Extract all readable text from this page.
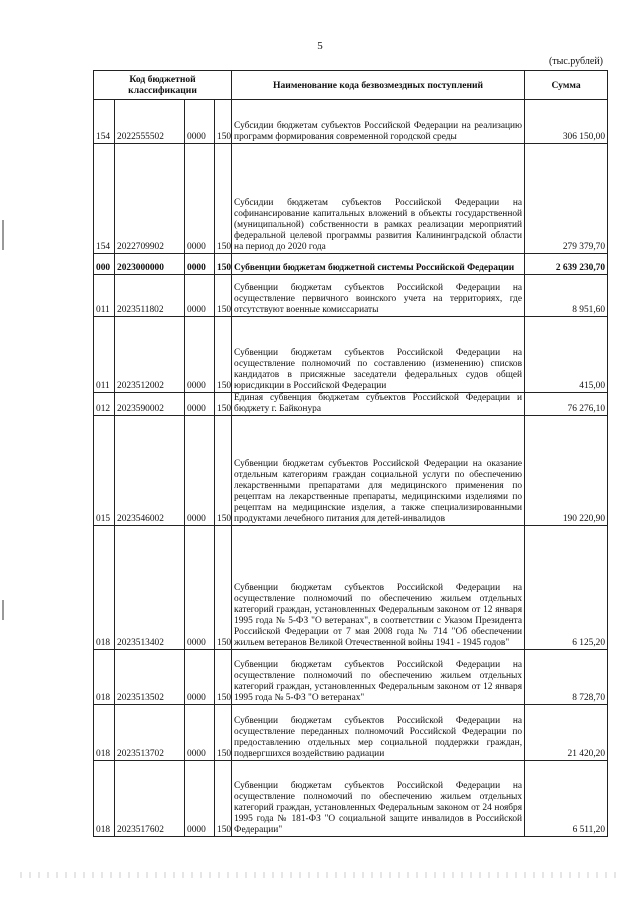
5
(тыс.рублей)
Код бюджетной классификации				Наименование кода безвозмездных поступлений	Сумма
154	2022555502	0000	150	Субсидии бюджетам субъектов Российской Федерации на реализацию программ формирования современной городской среды	306 150,00
154	2022709902	0000	150	Субсидии бюджетам субъектов Российской Федерации на софинансирование капитальных вложений в объекты государственной (муниципальной) собственности в рамках реализации мероприятий федеральной целевой программы развития Калининградской области на период до 2020 года	279 379,70
000	2023000000	0000	150	Субвенции бюджетам бюджетной системы Российской Федерации	2 639 230,70
011	2023511802	0000	150	Субвенции бюджетам субъектов Российской Федерации на осуществление первичного воинского учета на территориях, где отсутствуют военные комиссариаты	8 951,60
011	2023512002	0000	150	Субвенции бюджетам субъектов Российской Федерации на осуществление полномочий по составлению (изменению) списков кандидатов в присяжные заседатели федеральных судов общей юрисдикции в Российской Федерации	415,00
012	2023590002	0000	150	Единая субвенция бюджетам субъектов Российской Федерации и бюджету г. Байконура	76 276,10
015	2023546002	0000	150	Субвенции бюджетам субъектов Российской Федерации на оказание отдельным категориям граждан социальной услуги по обеспечению лекарственными препаратами для медицинского применения по рецептам на лекарственные препараты, медицинскими изделиями по рецептам на медицинские изделия, а также специализированными продуктами лечебного питания для детей-инвалидов	190 220,90
018	2023513402	0000	150	Субвенции бюджетам субъектов Российской Федерации на осуществление полномочий по обеспечению жильем отдельных категорий граждан, установленных Федеральным законом от 12 января 1995 года № 5-ФЗ "О ветеранах", в соответствии с Указом Президента Российской Федерации от 7 мая 2008 года № 714 "Об обеспечении жильем ветеранов Великой Отечественной войны 1941 - 1945 годов"	6 125,20
018	2023513502	0000	150	Субвенции бюджетам субъектов Российской Федерации на осуществление полномочий по обеспечению жильем отдельных категорий граждан, установленных Федеральным законом от 12 января 1995 года № 5-ФЗ "О ветеранах"	8 728,70
018	2023513702	0000	150	Субвенции бюджетам субъектов Российской Федерации на осуществление переданных полномочий Российской Федерации по предоставлению отдельных мер социальной поддержки граждан, подвергшихся воздействию радиации	21 420,20
018	2023517602	0000	150	Субвенции бюджетам субъектов Российской Федерации на осуществление полномочий по обеспечению жильем отдельных категорий граждан, установленных Федеральным законом от 24 ноября 1995 года № 181-ФЗ "О социальной защите инвалидов в Российской Федерации"	6 511,20
